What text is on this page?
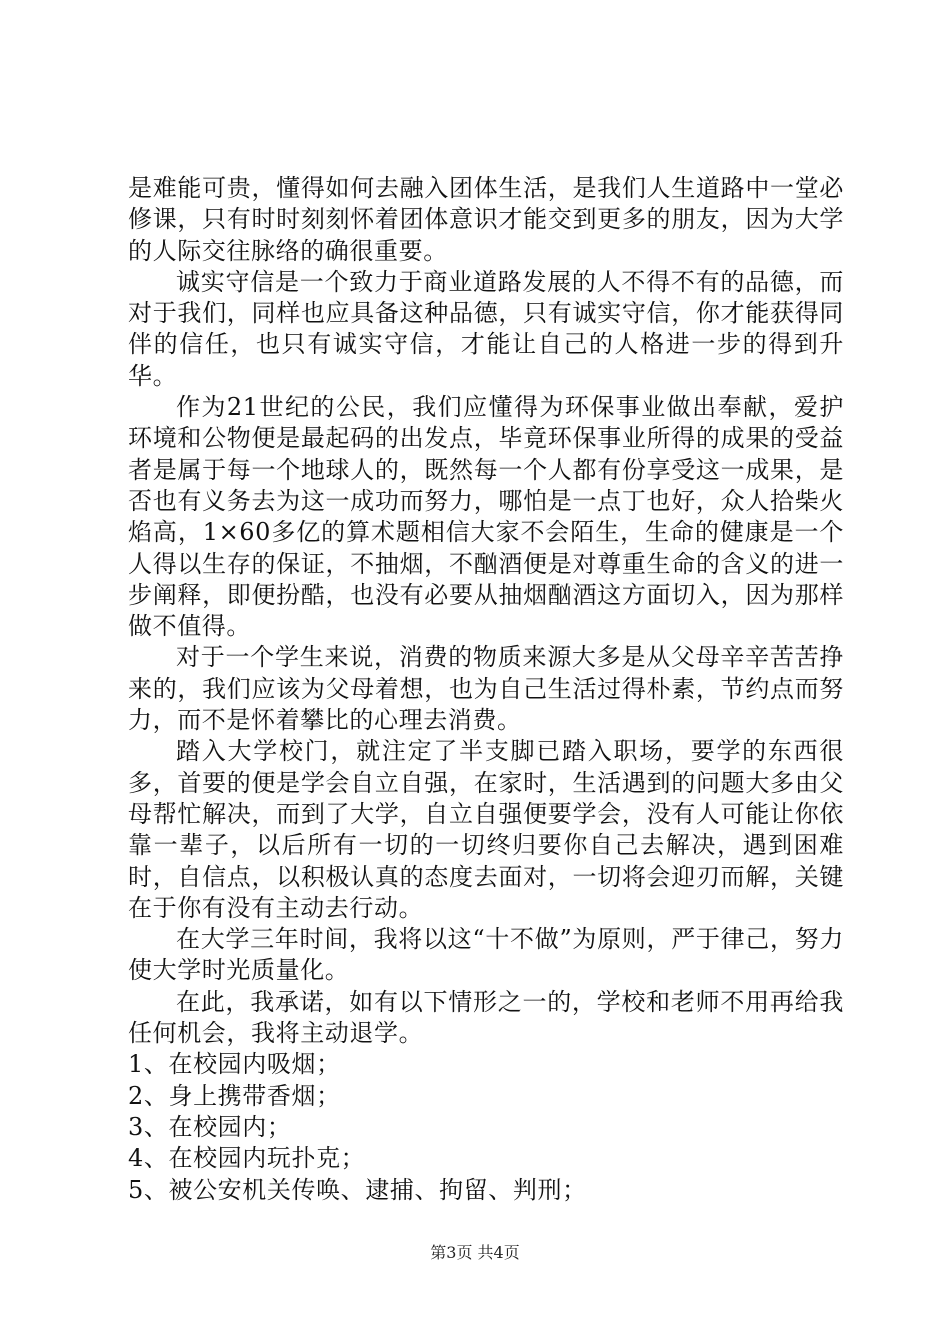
是难能可贵，懂得如何去融入团体生活，是我们人生道路中一堂必修课，只有时时刻刻怀着团体意识才能交到更多的朋友，因为大学的人际交往脉络的确很重要。

诚实守信是一个致力于商业道路发展的人不得不有的品德，而对于我们，同样也应具备这种品德，只有诚实守信，你才能获得同伴的信任，也只有诚实守信，才能让自己的人格进一步的得到升华。

作为21世纪的公民，我们应懂得为环保事业做出奉献，爱护环境和公物便是最起码的出发点，毕竟环保事业所得的成果的受益者是属于每一个地球人的，既然每一个人都有份享受这一成果，是否也有义务去为这一成功而努力，哪怕是一点丁也好，众人拾柴火焰高，1×60多亿的算术题相信大家不会陌生，生命的健康是一个人得以生存的保证，不抽烟，不酗酒便是对尊重生命的含义的进一步阐释，即便扮酷，也没有必要从抽烟酗酒这方面切入，因为那样做不值得。

对于一个学生来说，消费的物质来源大多是从父母辛辛苦苦挣来的，我们应该为父母着想，也为自己生活过得朴素，节约点而努力，而不是怀着攀比的心理去消费。

踏入大学校门，就注定了半支脚已踏入职场，要学的东西很多，首要的便是学会自立自强，在家时，生活遇到的问题大多由父母帮忙解决，而到了大学，自立自强便要学会，没有人可能让你依靠一辈子，以后所有一切的一切终归要你自己去解决，遇到困难时，自信点，以积极认真的态度去面对，一切将会迎刃而解，关键在于你有没有主动去行动。

在大学三年时间，我将以这“十不做”为原则，严于律己，努力使大学时光质量化。

在此，我承诺，如有以下情形之一的，学校和老师不用再给我任何机会，我将主动退学。

1、在校园内吸烟；

2、身上携带香烟；

3、在校园内；

4、在校园内玩扑克；

5、被公安机关传唤、逮捕、拘留、判刑；

第3页 共4页
